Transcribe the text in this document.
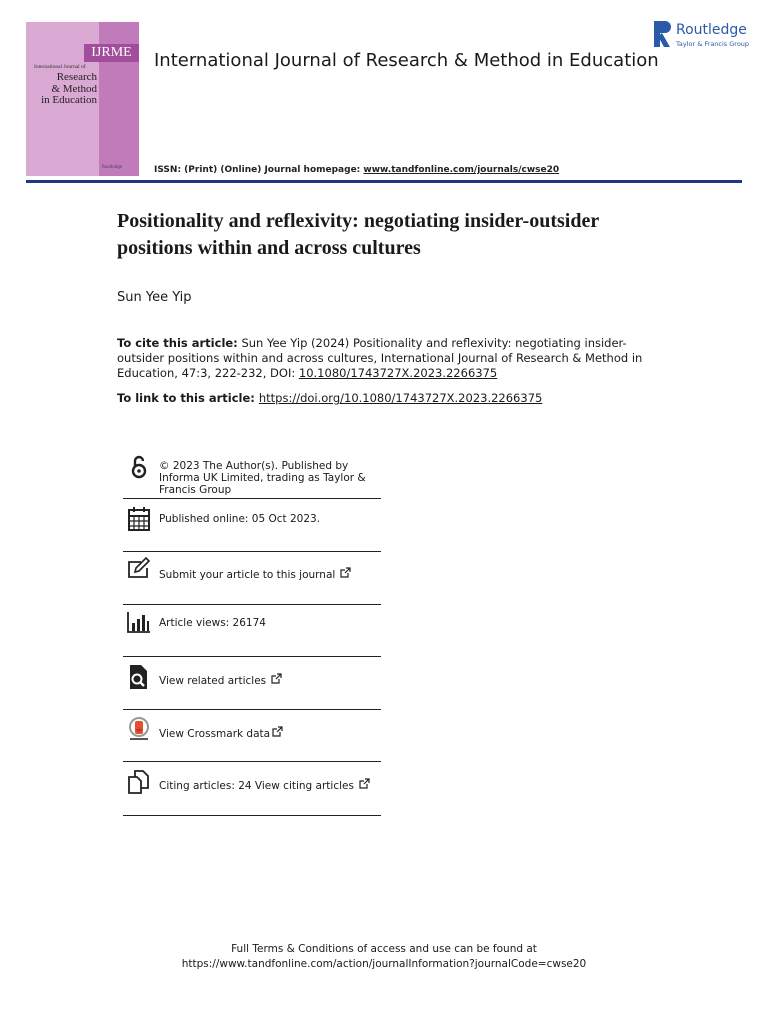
IJRME
International Journal of
Research
& Method
in Education
Routledge
International Journal of Research & Method in Education
ISSN: (Print) (Online) Journal homepage: www.tandfonline.com/journals/cwse20
Routledge
Taylor & Francis Group
Positionality and reflexivity: negotiating insider-outsider positions within and across cultures
Sun Yee Yip
To cite this article: Sun Yee Yip (2024) Positionality and reflexivity: negotiating insider-outsider positions within and across cultures, International Journal of Research & Method in Education, 47:3, 222-232, DOI: 10.1080/1743727X.2023.2266375
To link to this article: https://doi.org/10.1080/1743727X.2023.2266375
© 2023 The Author(s). Published by Informa UK Limited, trading as Taylor & Francis Group
Published online: 05 Oct 2023.
Submit your article to this journal
Article views: 26174
View related articles
View Crossmark data
Citing articles: 24 View citing articles
Full Terms & Conditions of access and use can be found at
https://www.tandfonline.com/action/journalInformation?journalCode=cwse20
